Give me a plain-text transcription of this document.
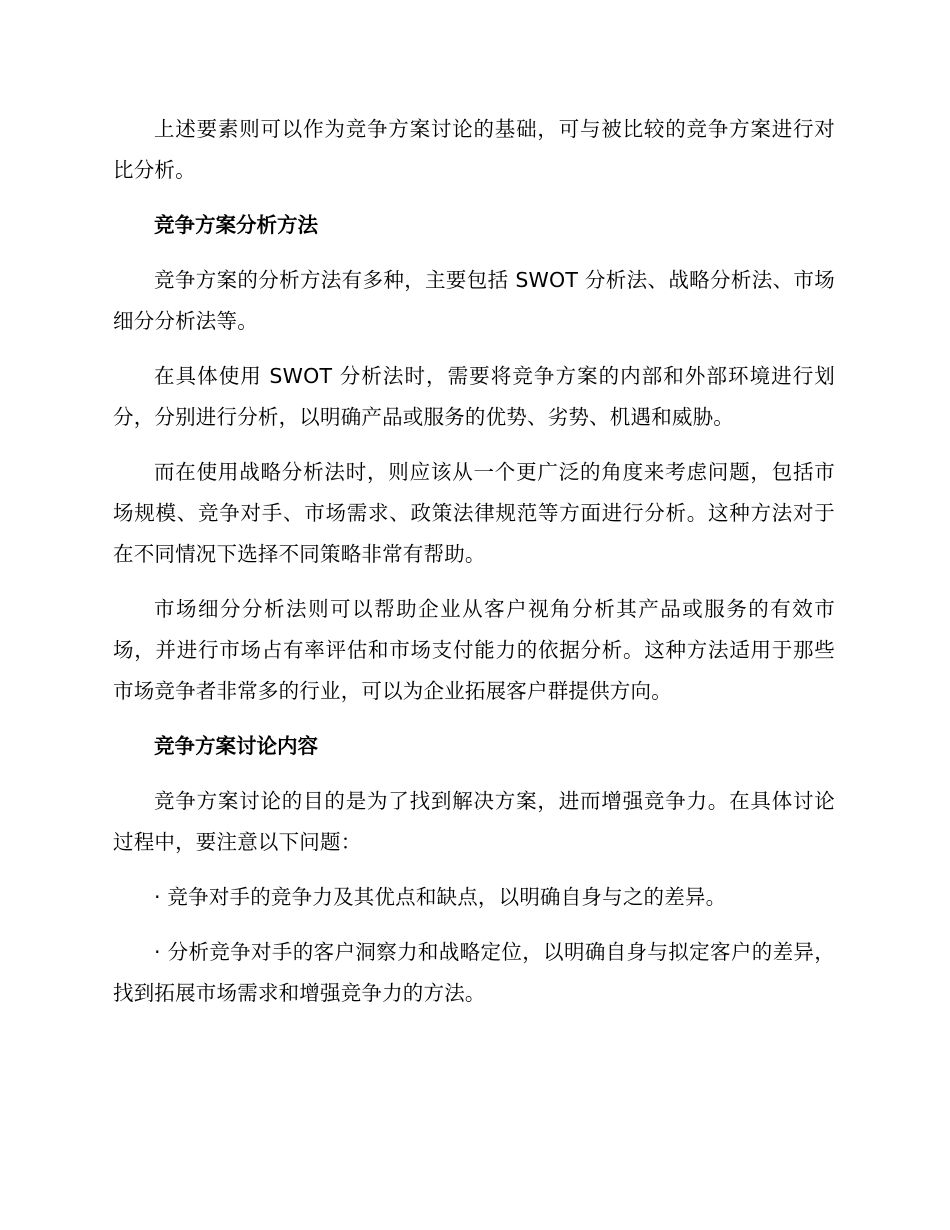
上述要素则可以作为竞争方案讨论的基础，可与被比较的竞争方案进行对比分析。

竞争方案分析方法

竞争方案的分析方法有多种，主要包括 SWOT 分析法、战略分析法、市场细分分析法等。

在具体使用 SWOT 分析法时，需要将竞争方案的内部和外部环境进行划分，分别进行分析，以明确产品或服务的优势、劣势、机遇和威胁。

而在使用战略分析法时，则应该从一个更广泛的角度来考虑问题，包括市场规模、竞争对手、市场需求、政策法律规范等方面进行分析。这种方法对于在不同情况下选择不同策略非常有帮助。

市场细分分析法则可以帮助企业从客户视角分析其产品或服务的有效市场，并进行市场占有率评估和市场支付能力的依据分析。这种方法适用于那些市场竞争者非常多的行业，可以为企业拓展客户群提供方向。

竞争方案讨论内容

竞争方案讨论的目的是为了找到解决方案，进而增强竞争力。在具体讨论过程中，要注意以下问题：

· 竞争对手的竞争力及其优点和缺点，以明确自身与之的差异。

· 分析竞争对手的客户洞察力和战略定位，以明确自身与拟定客户的差异，找到拓展市场需求和增强竞争力的方法。
